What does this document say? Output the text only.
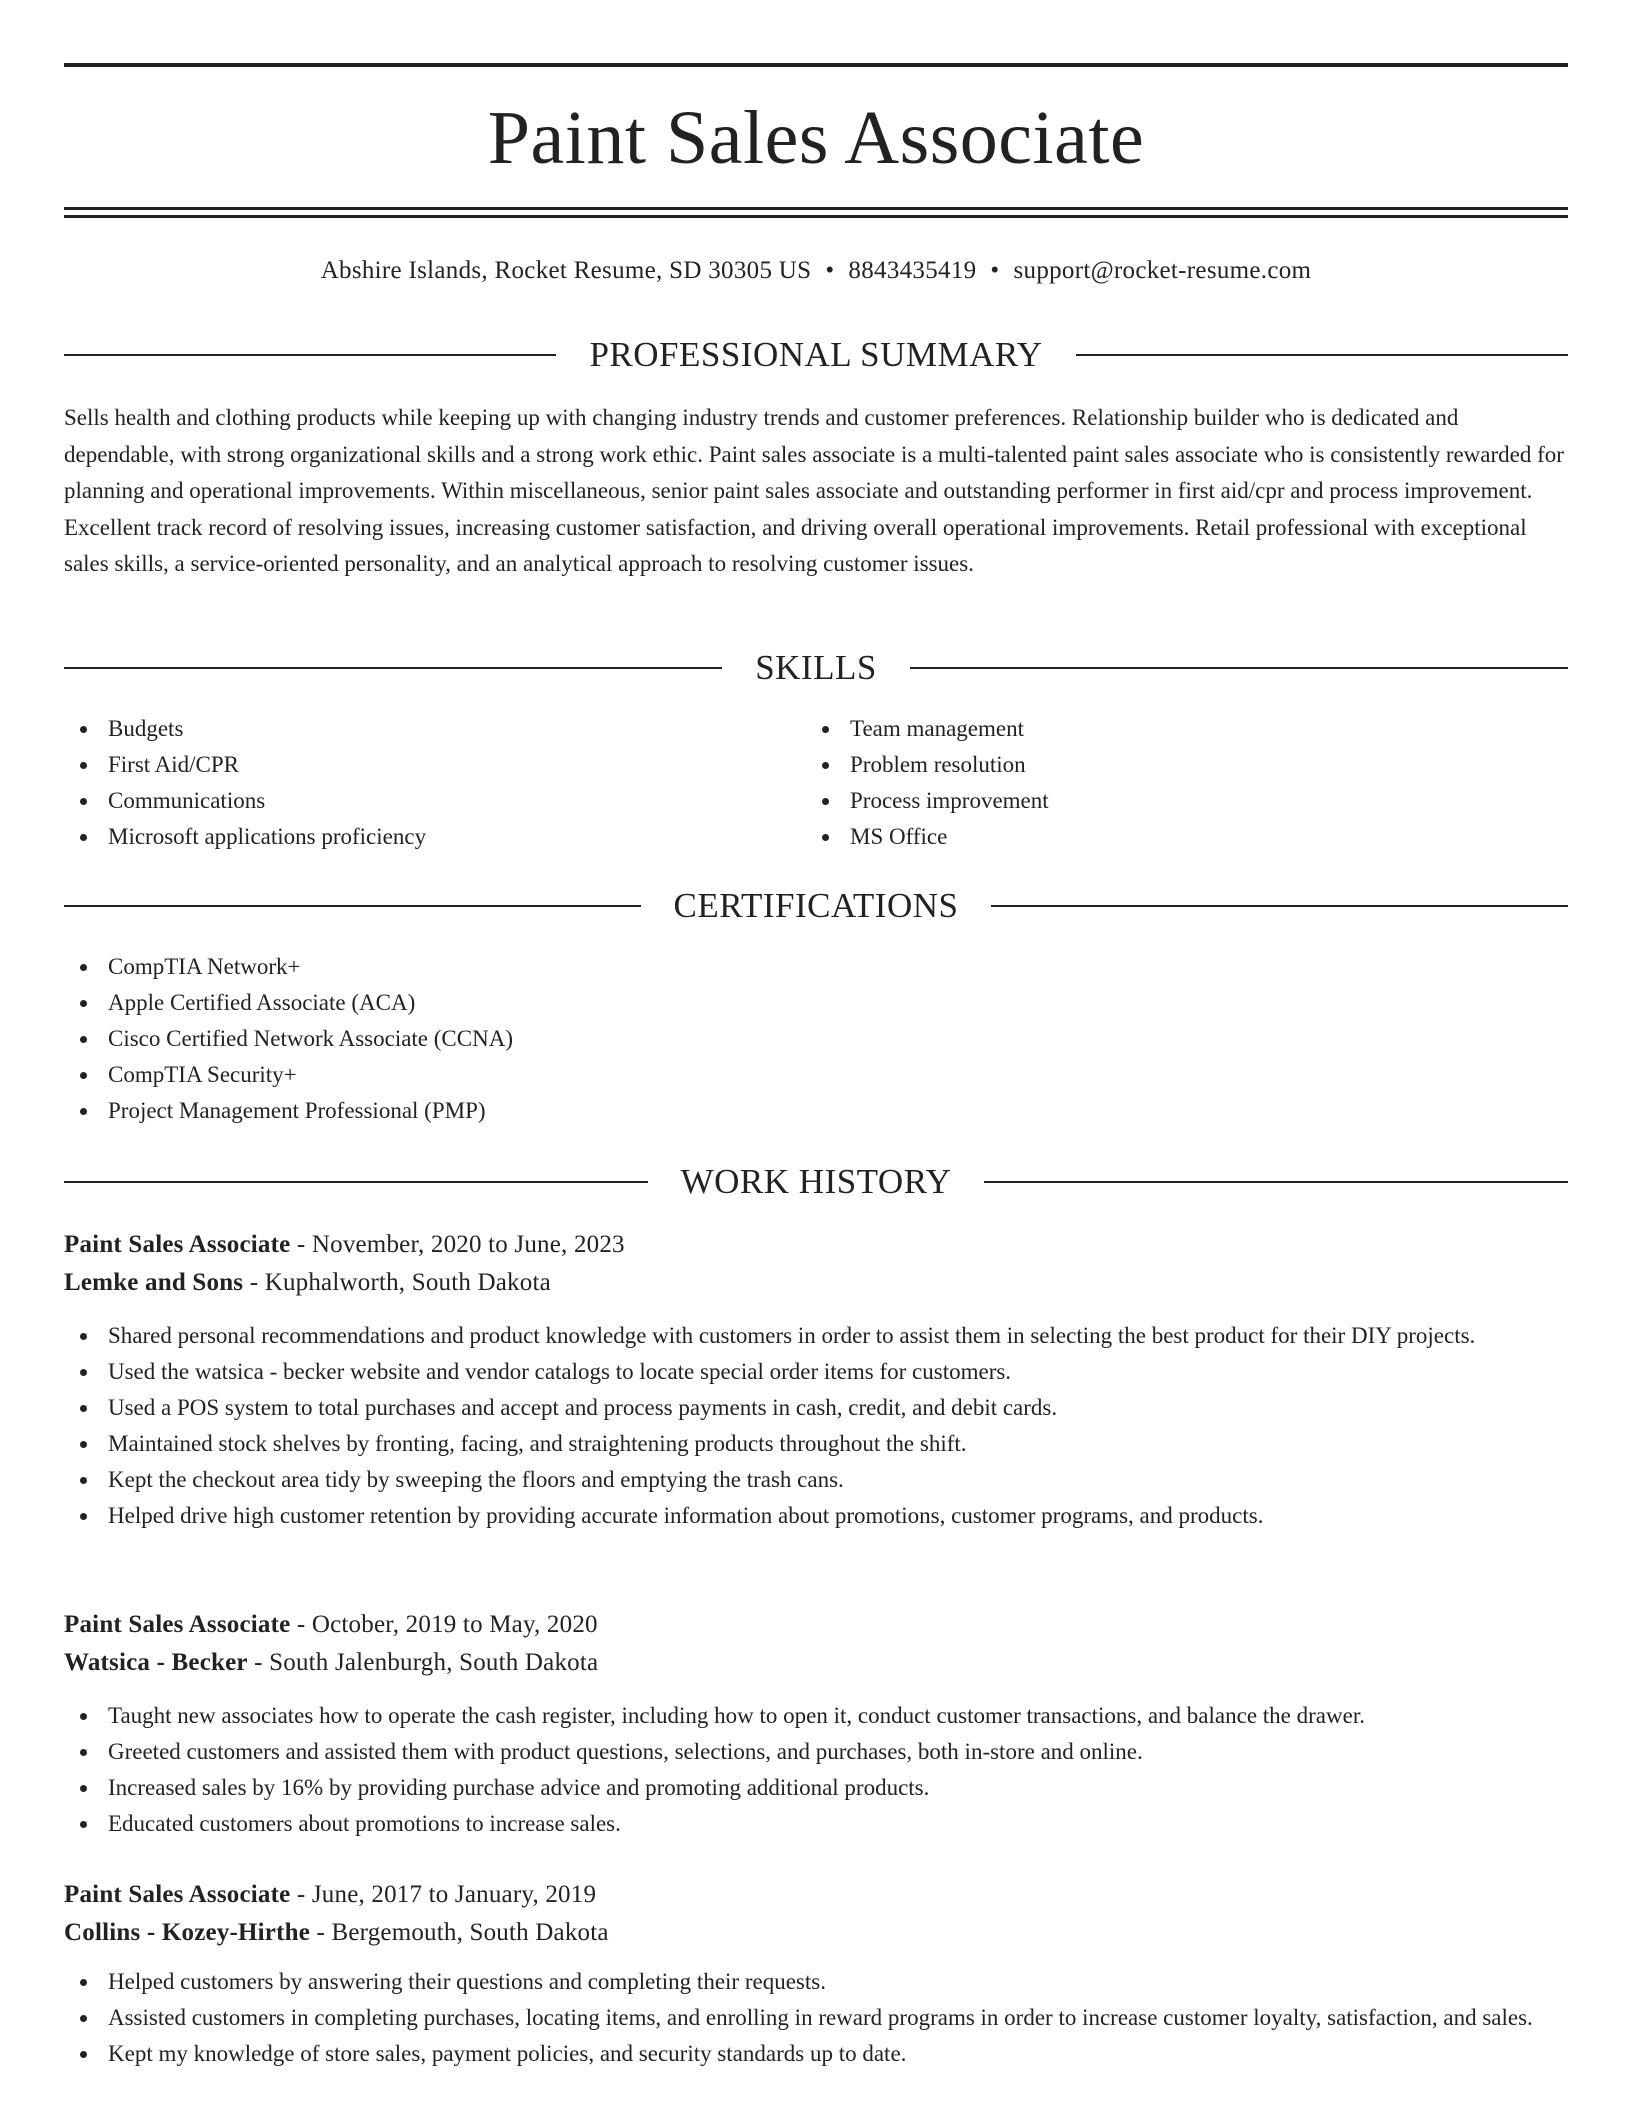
Paint Sales Associate
Abshire Islands, Rocket Resume, SD 30305 US • 8843435419 • support@rocket-resume.com
PROFESSIONAL SUMMARY

Sells health and clothing products while keeping up with changing industry trends and customer preferences. Relationship builder who is dedicated and dependable, with strong organizational skills and a strong work ethic. Paint sales associate is a multi-talented paint sales associate who is consistently rewarded for planning and operational improvements. Within miscellaneous, senior paint sales associate and outstanding performer in first aid/cpr and process improvement. Excellent track record of resolving issues, increasing customer satisfaction, and driving overall operational improvements. Retail professional with exceptional sales skills, a service-oriented personality, and an analytical approach to resolving customer issues.

SKILLS
Budgets
First Aid/CPR
Communications
Microsoft applications proficiency
Team management
Problem resolution
Process improvement
MS Office
CERTIFICATIONS
CompTIA Network+
Apple Certified Associate (ACA)
Cisco Certified Network Associate (CCNA)
CompTIA Security+
Project Management Professional (PMP)
WORK HISTORY
Paint Sales Associate - November, 2020 to June, 2023
Lemke and Sons - Kuphalworth, South Dakota
Shared personal recommendations and product knowledge with customers in order to assist them in selecting the best product for their DIY projects.
Used the watsica - becker website and vendor catalogs to locate special order items for customers.
Used a POS system to total purchases and accept and process payments in cash, credit, and debit cards.
Maintained stock shelves by fronting, facing, and straightening products throughout the shift.
Kept the checkout area tidy by sweeping the floors and emptying the trash cans.
Helped drive high customer retention by providing accurate information about promotions, customer programs, and products.
Paint Sales Associate - October, 2019 to May, 2020
Watsica - Becker - South Jalenburgh, South Dakota
Taught new associates how to operate the cash register, including how to open it, conduct customer transactions, and balance the drawer.
Greeted customers and assisted them with product questions, selections, and purchases, both in-store and online.
Increased sales by 16% by providing purchase advice and promoting additional products.
Educated customers about promotions to increase sales.
Paint Sales Associate - June, 2017 to January, 2019
Collins - Kozey-Hirthe - Bergemouth, South Dakota
Helped customers by answering their questions and completing their requests.
Assisted customers in completing purchases, locating items, and enrolling in reward programs in order to increase customer loyalty, satisfaction, and sales.
Kept my knowledge of store sales, payment policies, and security standards up to date.
